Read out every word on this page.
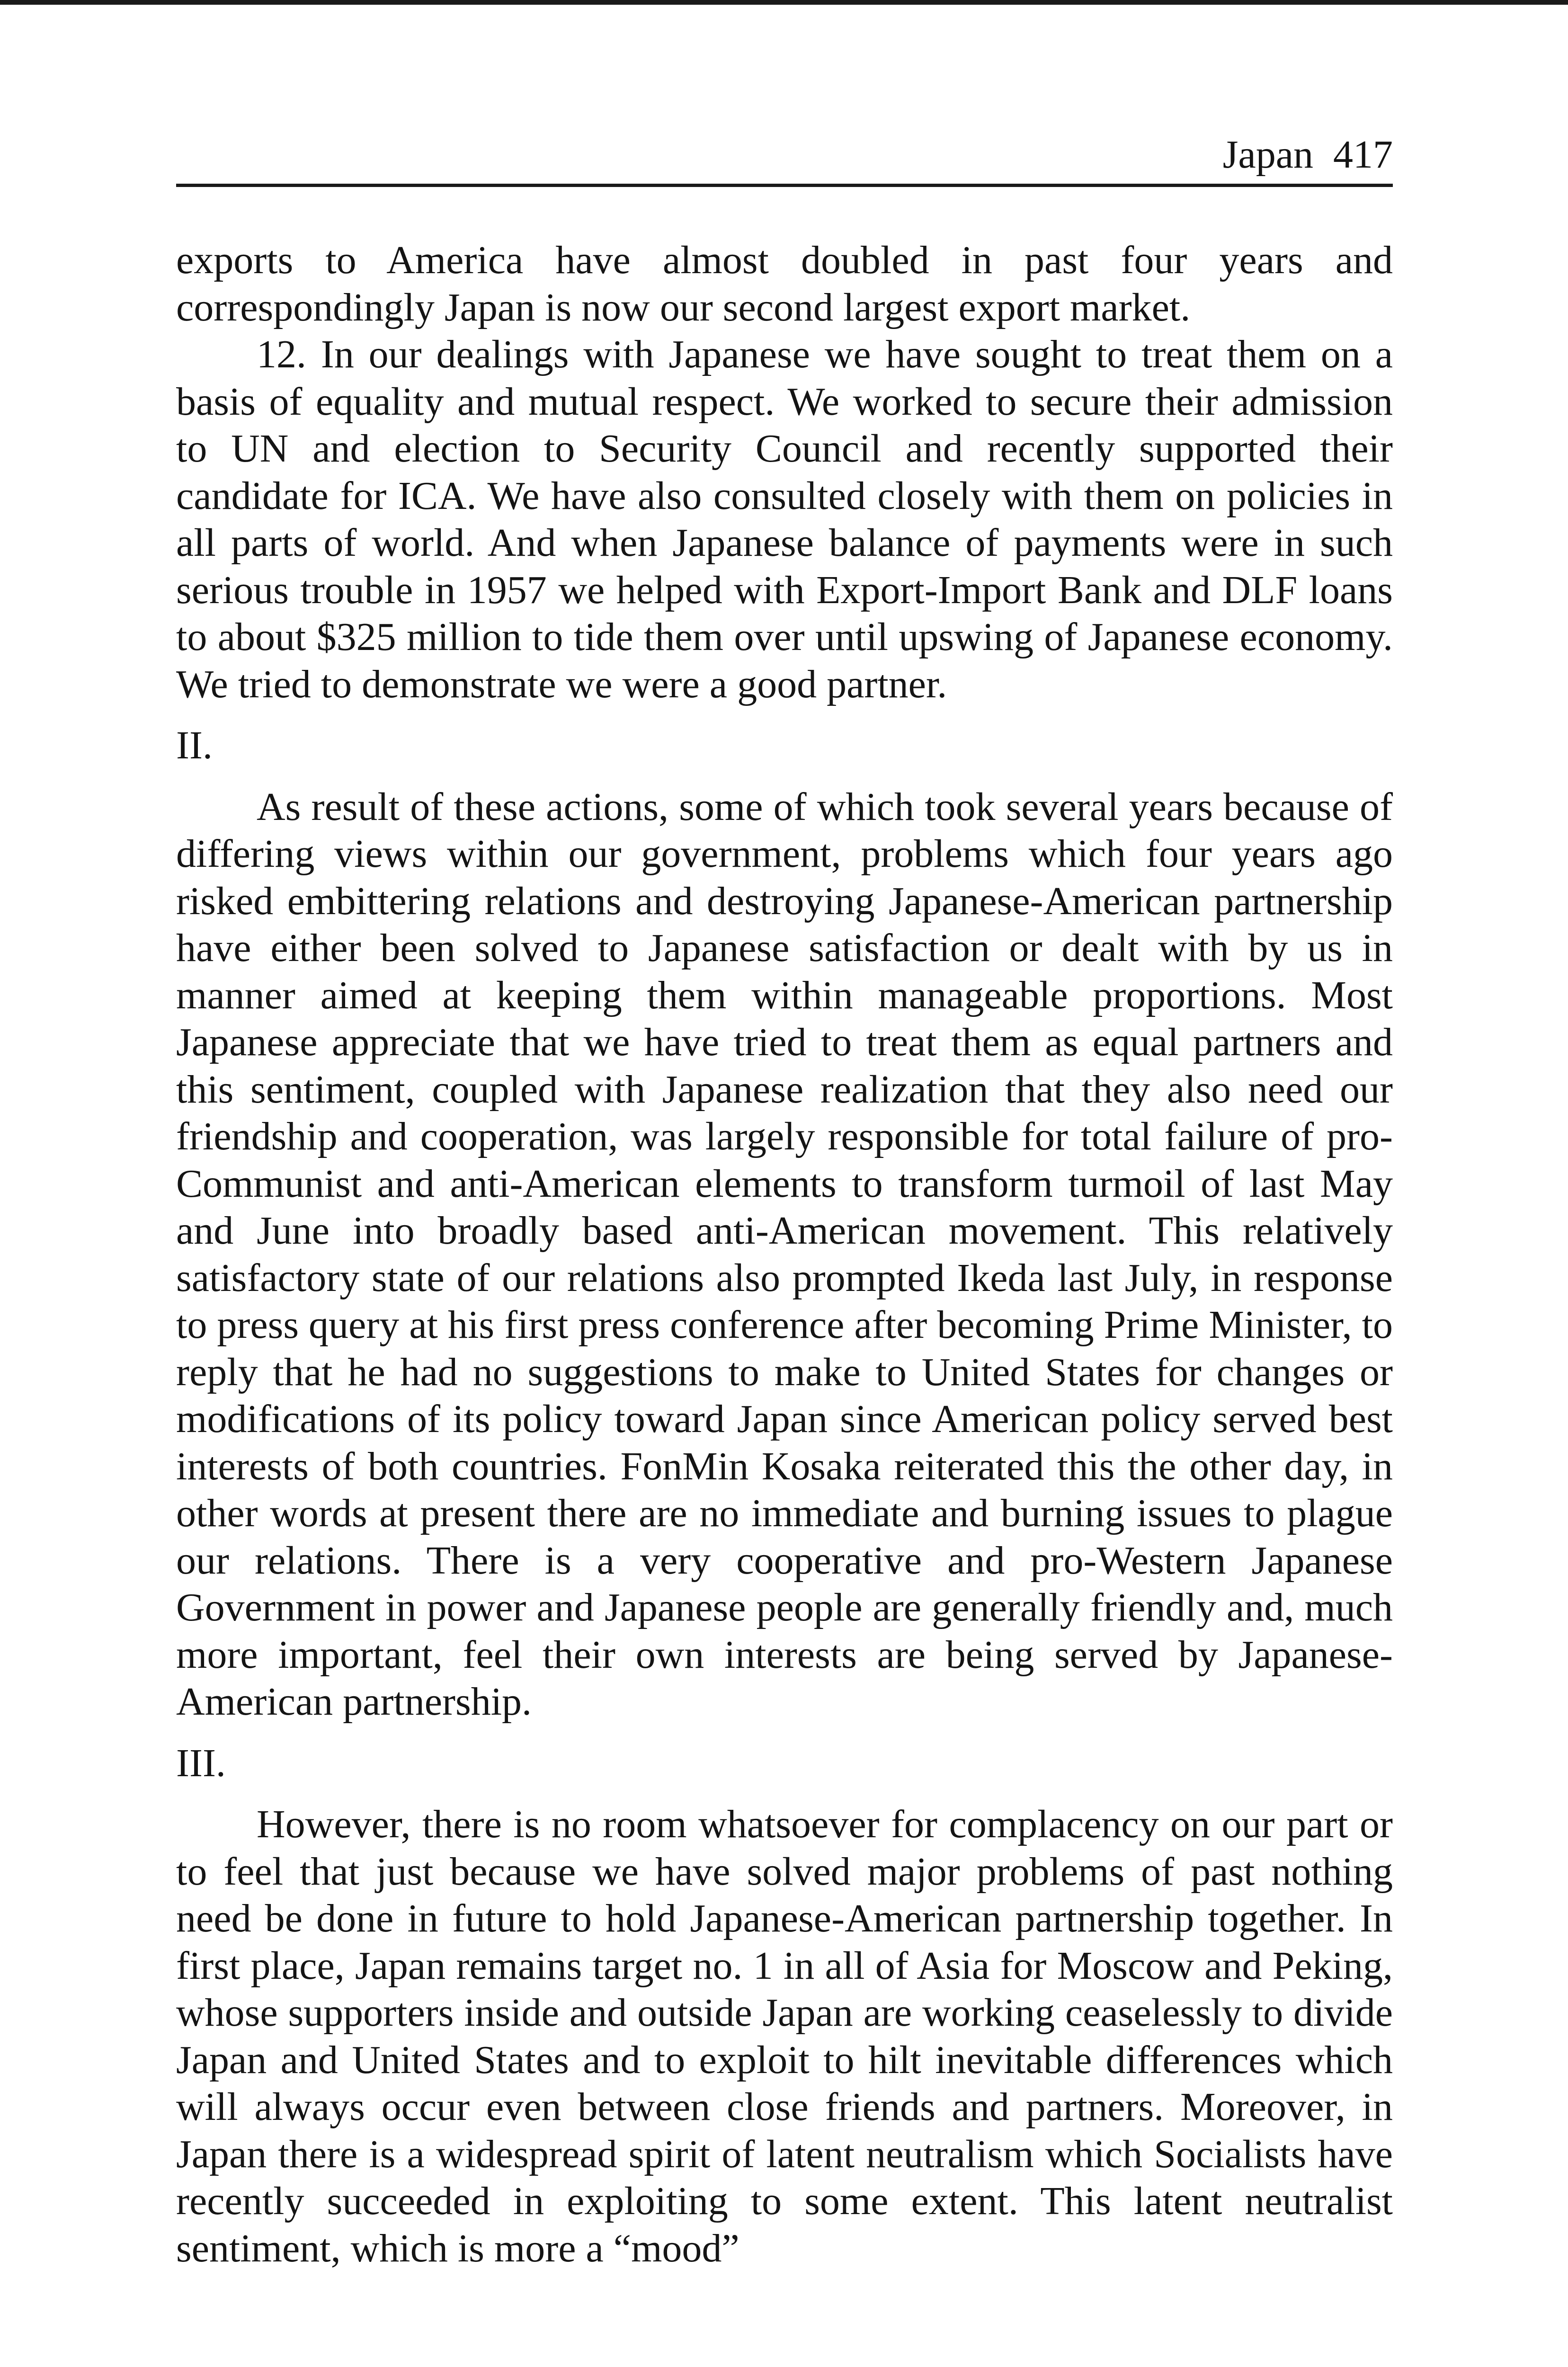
Japan 417

exports to America have almost doubled in past four years and correspondingly Japan is now our second largest export market.

12. In our dealings with Japanese we have sought to treat them on a basis of equality and mutual respect. We worked to secure their admission to UN and election to Security Council and recently supported their candidate for ICA. We have also consulted closely with them on policies in all parts of world. And when Japanese balance of payments were in such serious trouble in 1957 we helped with Export-Import Bank and DLF loans to about $325 million to tide them over until upswing of Japanese economy. We tried to demonstrate we were a good partner.

II.

As result of these actions, some of which took several years because of differing views within our government, problems which four years ago risked embittering relations and destroying Japanese-American partnership have either been solved to Japanese satisfaction or dealt with by us in manner aimed at keeping them within manageable proportions. Most Japanese appreciate that we have tried to treat them as equal partners and this sentiment, coupled with Japanese realization that they also need our friendship and cooperation, was largely responsible for total failure of pro-Communist and anti-American elements to transform turmoil of last May and June into broadly based anti-American movement. This relatively satisfactory state of our relations also prompted Ikeda last July, in response to press query at his first press conference after becoming Prime Minister, to reply that he had no suggestions to make to United States for changes or modifications of its policy toward Japan since American policy served best interests of both countries. FonMin Kosaka reiterated this the other day, in other words at present there are no immediate and burning issues to plague our relations. There is a very cooperative and pro-Western Japanese Government in power and Japanese people are generally friendly and, much more important, feel their own interests are being served by Japanese-American partnership.

III.

However, there is no room whatsoever for complacency on our part or to feel that just because we have solved major problems of past nothing need be done in future to hold Japanese-American partnership together. In first place, Japan remains target no. 1 in all of Asia for Moscow and Peking, whose supporters inside and outside Japan are working ceaselessly to divide Japan and United States and to exploit to hilt inevitable differences which will always occur even between close friends and partners. Moreover, in Japan there is a widespread spirit of latent neutralism which Socialists have recently succeeded in exploiting to some extent. This latent neutralist sentiment, which is more a “mood”
